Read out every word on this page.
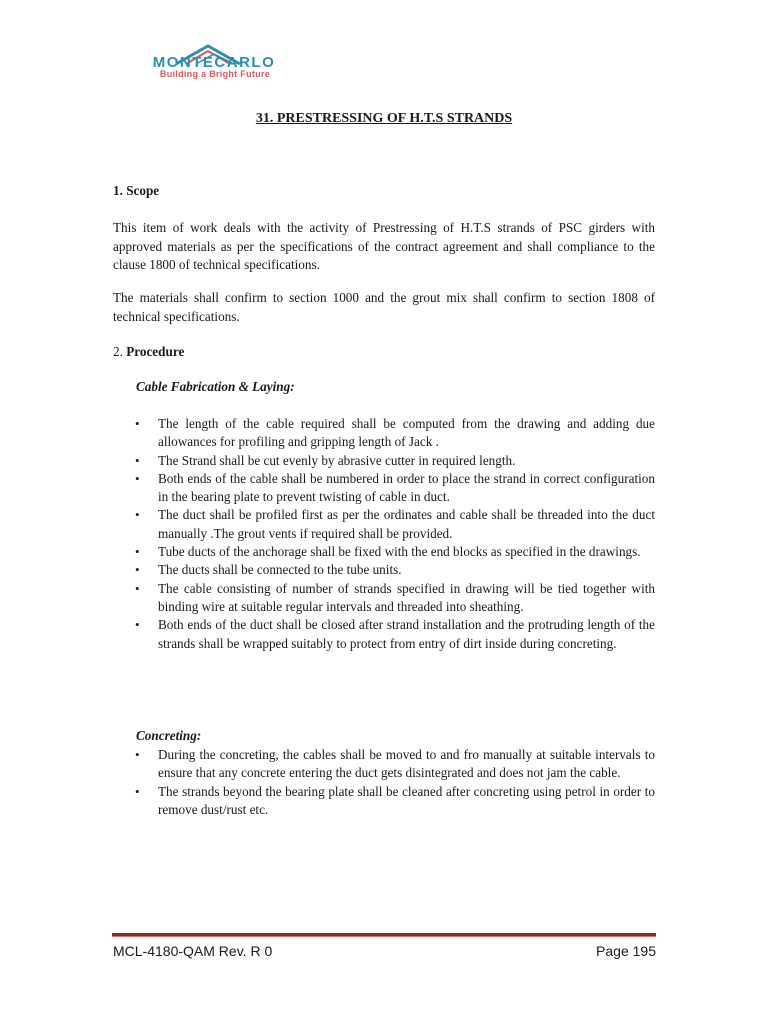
MONTECARLO
Building a Bright Future
31. PRESTRESSING OF H.T.S STRANDS

1. Scope

This item of work deals with the activity of Prestressing of H.T.S strands of PSC girders with approved materials as per the specifications of the contract agreement and shall compliance to the clause 1800 of technical specifications.

The materials shall confirm to section 1000 and the grout mix shall confirm to section 1808 of technical specifications.

2. Procedure

Cable Fabrication & Laying:

• The length of the cable required shall be computed from the drawing and adding due allowances for profiling and gripping length of Jack .
• The Strand shall be cut evenly by abrasive cutter in required length.
• Both ends of the cable shall be numbered in order to place the strand in correct configuration in the bearing plate to prevent twisting of cable in duct.
• The duct shall be profiled first as per the ordinates and cable shall be threaded into the duct manually .The grout vents if required shall be provided.
• Tube ducts of the anchorage shall be fixed with the end blocks as specified in the drawings.
• The ducts shall be connected to the tube units.
• The cable consisting of number of strands specified in drawing will be tied together with binding wire at suitable regular intervals and threaded into sheathing.
• Both ends of the duct shall be closed after strand installation and the protruding length of the strands shall be wrapped suitably to protect from entry of dirt inside during concreting.

Concreting:

• During the concreting, the cables shall be moved to and fro manually at suitable intervals to ensure that any concrete entering the duct gets disintegrated and does not jam the cable.
• The strands beyond the bearing plate shall be cleaned after concreting using petrol in order to remove dust/rust etc.
MCL-4180-QAM Rev. R 0	Page 195
